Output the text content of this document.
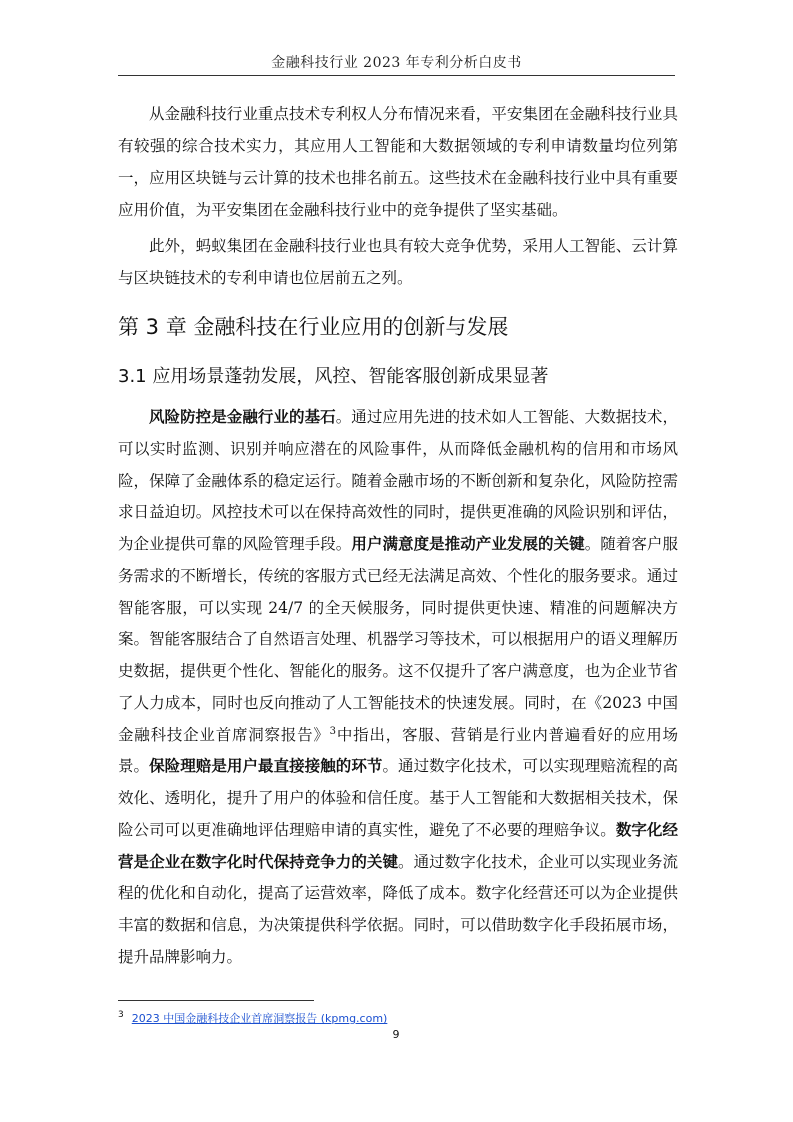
金融科技行业 2023 年专利分析白皮书

从金融科技行业重点技术专利权人分布情况来看，平安集团在金融科技行业具有较强的综合技术实力，其应用人工智能和大数据领域的专利申请数量均位列第一，应用区块链与云计算的技术也排名前五。这些技术在金融科技行业中具有重要应用价值，为平安集团在金融科技行业中的竞争提供了坚实基础。

此外，蚂蚁集团在金融科技行业也具有较大竞争优势，采用人工智能、云计算与区块链技术的专利申请也位居前五之列。

第 3 章 金融科技在行业应用的创新与发展
3.1 应用场景蓬勃发展，风控、智能客服创新成果显著

风险防控是金融行业的基石。通过应用先进的技术如人工智能、大数据技术，可以实时监测、识别并响应潜在的风险事件，从而降低金融机构的信用和市场风险，保障了金融体系的稳定运行。随着金融市场的不断创新和复杂化，风险防控需求日益迫切。风控技术可以在保持高效性的同时，提供更准确的风险识别和评估，为企业提供可靠的风险管理手段。用户满意度是推动产业发展的关键。随着客户服务需求的不断增长，传统的客服方式已经无法满足高效、个性化的服务要求。通过智能客服，可以实现 24/7 的全天候服务，同时提供更快速、精准的问题解决方案。智能客服结合了自然语言处理、机器学习等技术，可以根据用户的语义理解历史数据，提供更个性化、智能化的服务。这不仅提升了客户满意度，也为企业节省了人力成本，同时也反向推动了人工智能技术的快速发展。同时，在《2023 中国金融科技企业首席洞察报告》$^3$中指出，客服、营销是行业内普遍看好的应用场景。保险理赔是用户最直接接触的环节。通过数字化技术，可以实现理赔流程的高效化、透明化，提升了用户的体验和信任度。基于人工智能和大数据相关技术，保险公司可以更准确地评估理赔申请的真实性，避免了不必要的理赔争议。数字化经营是企业在数字化时代保持竞争力的关键。通过数字化技术，企业可以实现业务流程的优化和自动化，提高了运营效率，降低了成本。数字化经营还可以为企业提供丰富的数据和信息，为决策提供科学依据。同时，可以借助数字化手段拓展市场，提升品牌影响力。

$^3$ 2023 中国金融科技企业首席洞察报告 (kpmg.com)
9
